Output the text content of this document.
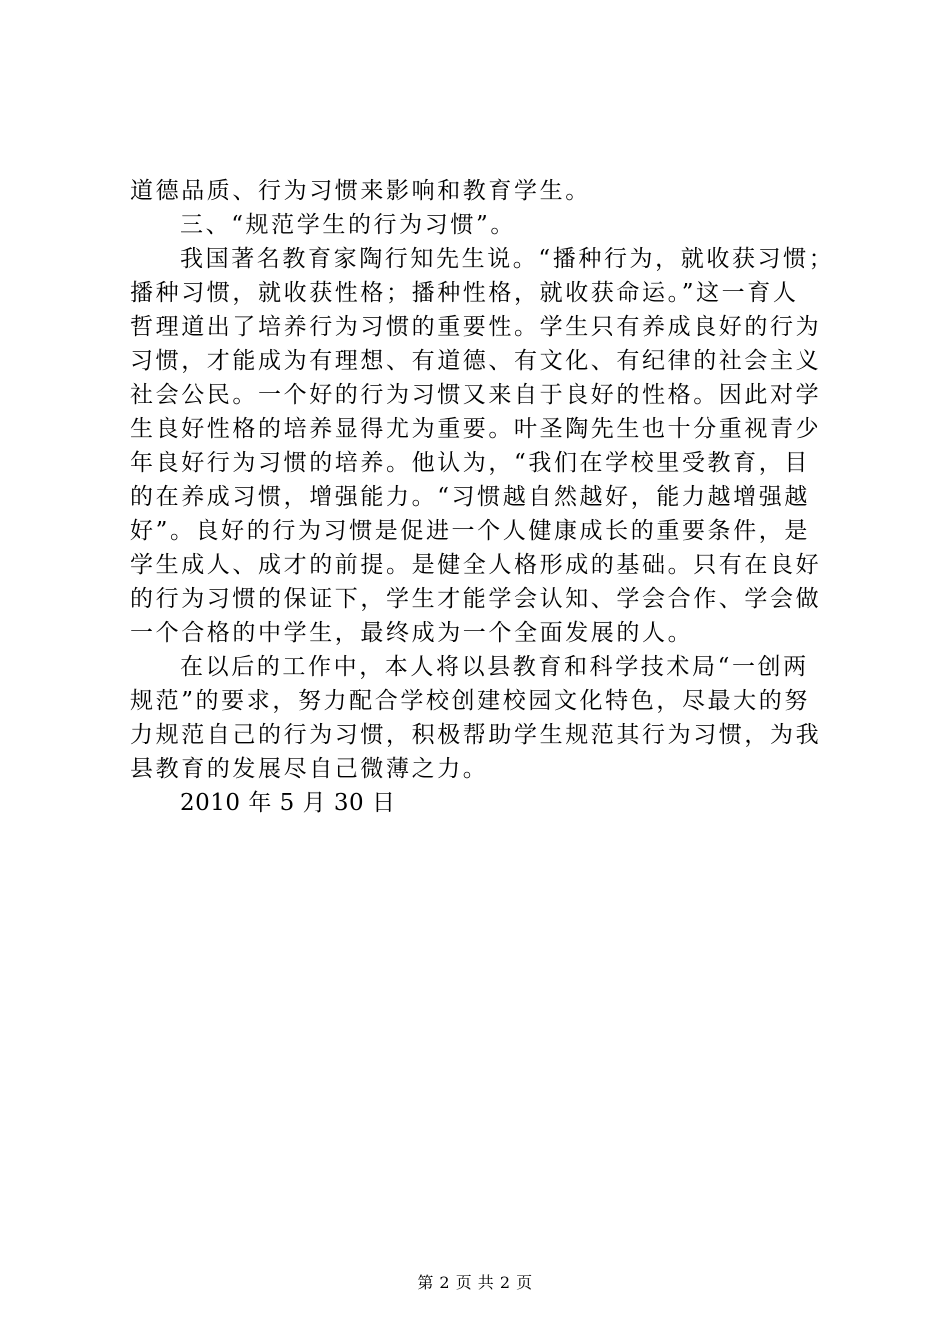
道德品质、行为习惯来影响和教育学生。
三、“规范学生的行为习惯”。
我国著名教育家陶行知先生说。“播种行为，就收获习惯；
播种习惯，就收获性格；播种性格，就收获命运。”这一育人
哲理道出了培养行为习惯的重要性。学生只有养成良好的行为
习惯，才能成为有理想、有道德、有文化、有纪律的社会主义
社会公民。一个好的行为习惯又来自于良好的性格。因此对学
生良好性格的培养显得尤为重要。叶圣陶先生也十分重视青少
年良好行为习惯的培养。他认为，“我们在学校里受教育，目
的在养成习惯，增强能力。“习惯越自然越好，能力越增强越
好”。良好的行为习惯是促进一个人健康成长的重要条件，是
学生成人、成才的前提。是健全人格形成的基础。只有在良好
的行为习惯的保证下，学生才能学会认知、学会合作、学会做
一个合格的中学生，最终成为一个全面发展的人。
在以后的工作中，本人将以县教育和科学技术局“一创两
规范”的要求，努力配合学校创建校园文化特色，尽最大的努
力规范自己的行为习惯，积极帮助学生规范其行为习惯，为我
县教育的发展尽自己微薄之力。
2010 年 5 月 30 日
第 2 页 共 2 页
